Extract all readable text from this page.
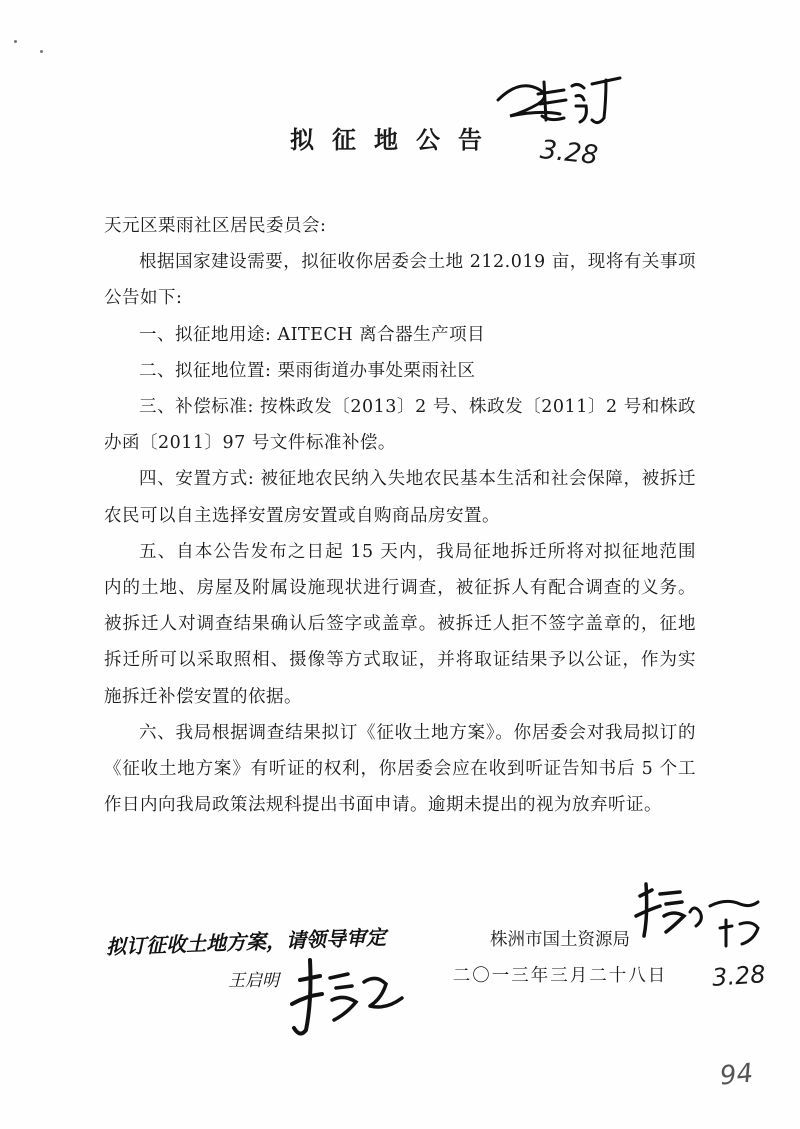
3.28
拟征地公告

天元区栗雨社区居民委员会:

根据国家建设需要，拟征收你居委会土地 212.019 亩，现将有关事项公告如下:

一、拟征地用途: AITECH 离合器生产项目

二、拟征地位置: 栗雨街道办事处栗雨社区

三、补偿标准: 按株政发〔2013〕2 号、株政发〔2011〕2 号和株政办函〔2011〕97 号文件标准补偿。

四、安置方式: 被征地农民纳入失地农民基本生活和社会保障，被拆迁农民可以自主选择安置房安置或自购商品房安置。

五、自本公告发布之日起 15 天内，我局征地拆迁所将对拟征地范围内的土地、房屋及附属设施现状进行调查，被征拆人有配合调查的义务。被拆迁人对调查结果确认后签字或盖章。被拆迁人拒不签字盖章的，征地拆迁所可以采取照相、摄像等方式取证，并将取证结果予以公证，作为实施拆迁补偿安置的依据。

六、我局根据调查结果拟订《征收土地方案》。你居委会对我局拟订的《征收土地方案》有听证的权利，你居委会应在收到听证告知书后 5 个工作日内向我局政策法规科提出书面申请。逾期未提出的视为放弃听证。

株洲市国土资源局
二〇一三年三月二十八日	3.28
拟订征收土地方案，请领导审定
王启明
94
